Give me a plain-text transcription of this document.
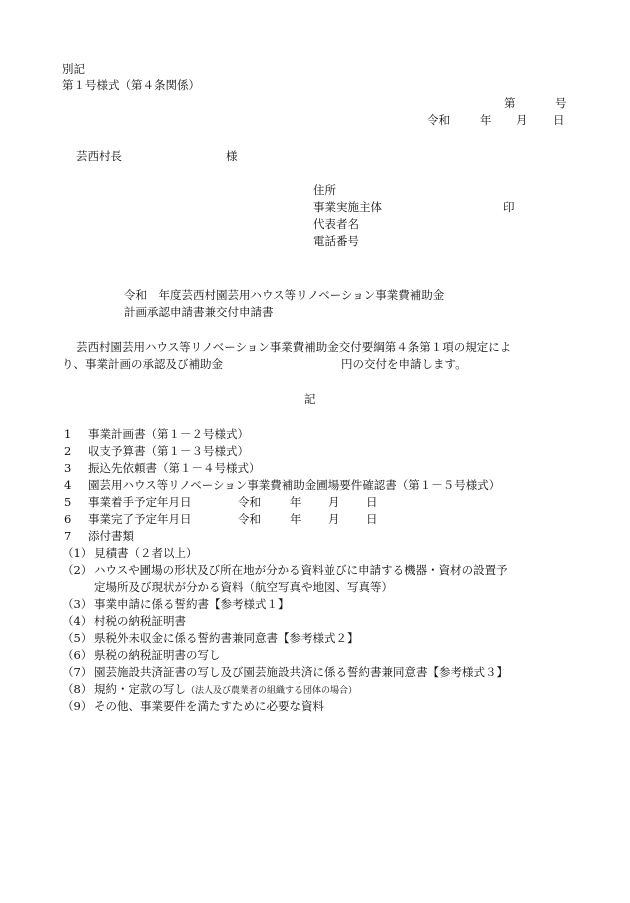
別記
第１号様式（第４条関係）
第	号
令和	年 月 日
芸西村長	様
住所
事業実施主体	印
代表者名
電話番号
令和　年度芸西村園芸用ハウス等リノベーション事業費補助金
計画承認申請書兼交付申請書
芸西村園芸用ハウス等リノベーション事業費補助金交付要綱第４条第１項の規定によ
り、事業計画の承認及び補助金	円の交付を申請します。
記
1 事業計画書（第１－２号様式）
2 収支予算書（第１－３号様式）
3 振込先依頼書（第１－４号様式）
4 園芸用ハウス等リノベーション事業費補助金圃場要件確認書（第１－５号様式）
5 事業着手予定年月日	令和	年 月 日
6 事業完了予定年月日	令和	年 月 日
7 添付書類
（1） 見積書（２者以上）
（2） ハウスや圃場の形状及び所在地が分かる資料並びに申請する機器・資材の設置予
定場所及び現状が分かる資料（航空写真や地図、写真等）
（3） 事業申請に係る誓約書【参考様式１】
（4） 村税の納税証明書
（5） 県税外未収金に係る誓約書兼同意書【参考様式２】
（6） 県税の納税証明書の写し
（7） 園芸施設共済証書の写し及び園芸施設共済に係る誓約書兼同意書【参考様式３】
（8） 規約・定款の写し（法人及び農業者の組織する団体の場合）
（9） その他、事業要件を満たすために必要な資料
